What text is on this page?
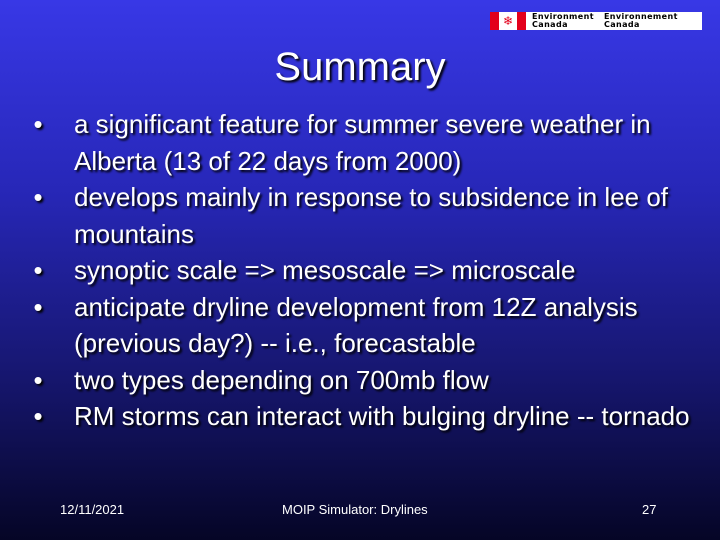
❄ Environment
Canada
Environnement
Canada
Summary
• a significant feature for summer severe weather in Alberta (13 of 22 days from 2000)
• develops mainly in response to subsidence in lee of mountains
• synoptic scale => mesoscale => microscale
• anticipate dryline development from 12Z analysis (previous day?) -- i.e., forecastable
• two types depending on 700mb flow
• RM storms can interact with bulging dryline -- tornado
12/11/2021	MOIP Simulator: Drylines	27
